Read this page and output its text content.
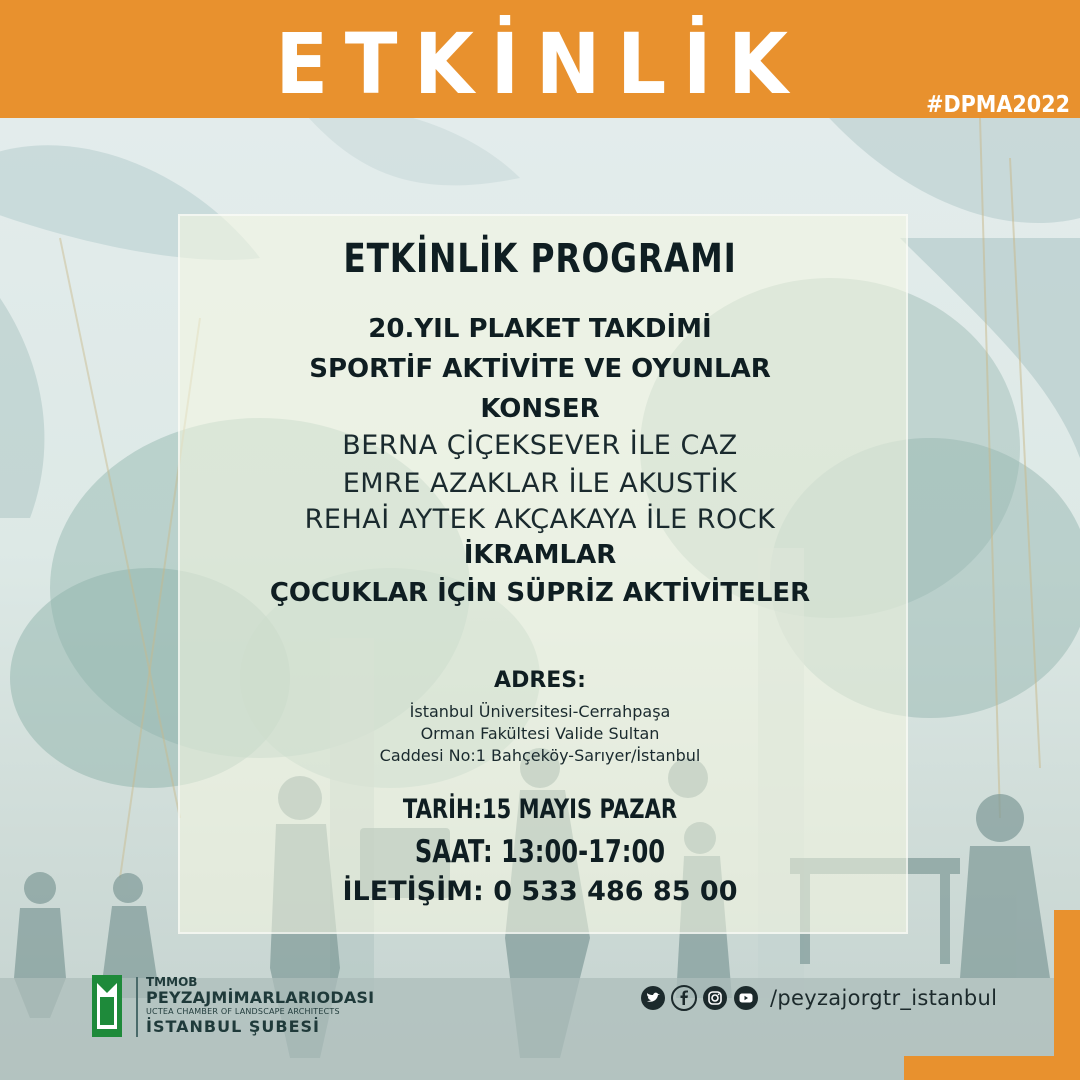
ETKİNLİK	#DPMA2022
ETKİNLİK PROGRAMI
20.YIL PLAKET TAKDİMİ
SPORTİF AKTİVİTE VE OYUNLAR
KONSER
BERNA ÇİÇEKSEVER İLE CAZ
EMRE AZAKLAR İLE AKUSTİK
REHAİ AYTEK AKÇAKAYA İLE ROCK
İKRAMLAR
ÇOCUKLAR İÇİN SÜPRİZ AKTİVİTELER
ADRES:
İstanbul Üniversitesi-Cerrahpaşa
Orman Fakültesi Valide Sultan
Caddesi No:1 Bahçeköy-Sarıyer/İstanbul
TARİH:15 MAYIS PAZAR
SAAT: 13:00-17:00
İLETİŞİM: 0 533 486 85 00
TMMOB
PEYZAJMİMARLARIODASI
UCTEA CHAMBER OF LANDSCAPE ARCHITECTS
İSTANBUL ŞUBESİ
/peyzajorgtr_istanbul
